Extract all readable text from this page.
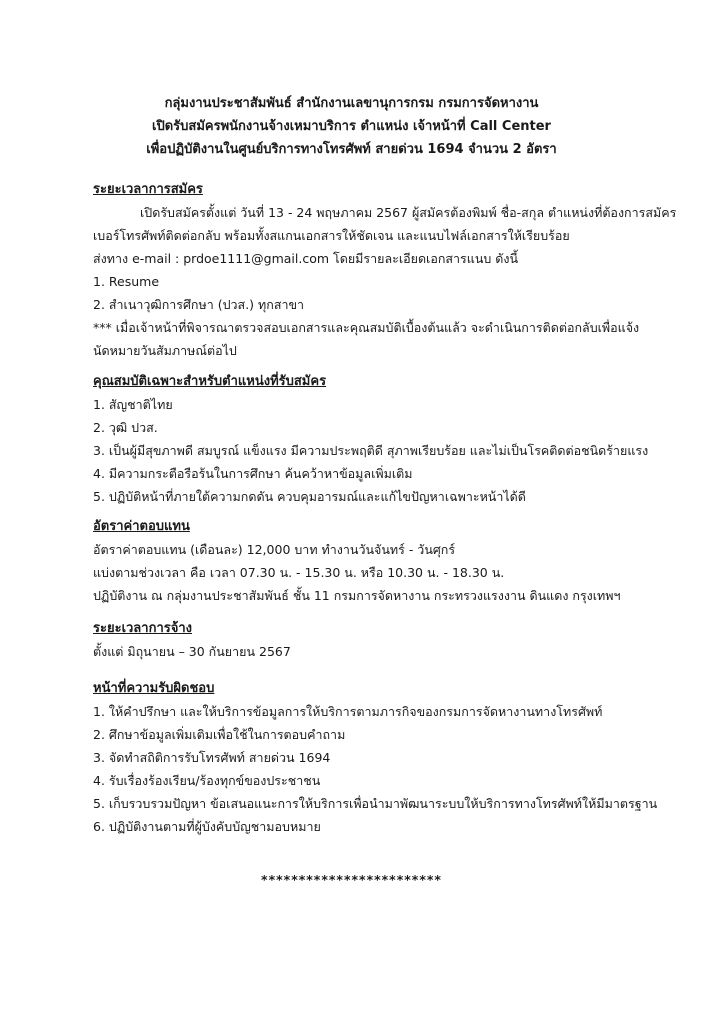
กลุ่มงานประชาสัมพันธ์ สำนักงานเลขานุการกรม กรมการจัดหางาน
เปิดรับสมัครพนักงานจ้างเหมาบริการ ตำแหน่ง เจ้าหน้าที่ Call Center
เพื่อปฏิบัติงานในศูนย์บริการทางโทรศัพท์ สายด่วน 1694 จำนวน 2 อัตรา
ระยะเวลาการสมัคร
เปิดรับสมัครตั้งแต่ วันที่ 13 - 24 พฤษภาคม 2567 ผู้สมัครต้องพิมพ์ ชื่อ-สกุล ตำแหน่งที่ต้องการสมัคร
เบอร์โทรศัพท์ติดต่อกลับ พร้อมทั้งสแกนเอกสารให้ชัดเจน และแนบไฟล์เอกสารให้เรียบร้อย
ส่งทาง e-mail : prdoe1111@gmail.com โดยมีรายละเอียดเอกสารแนบ ดังนี้
1. Resume
2. สำเนาวุฒิการศึกษา (ปวส.) ทุกสาขา
*** เมื่อเจ้าหน้าที่พิจารณาตรวจสอบเอกสารและคุณสมบัติเบื้องต้นแล้ว จะดำเนินการติดต่อกลับเพื่อแจ้ง
นัดหมายวันสัมภาษณ์ต่อไป
คุณสมบัติเฉพาะสำหรับตำแหน่งที่รับสมัคร
1. สัญชาติไทย
2. วุฒิ ปวส.
3. เป็นผู้มีสุขภาพดี สมบูรณ์ แข็งแรง มีความประพฤติดี สุภาพเรียบร้อย และไม่เป็นโรคติดต่อชนิดร้ายแรง
4. มีความกระตือรือร้นในการศึกษา ค้นคว้าหาข้อมูลเพิ่มเติม
5. ปฏิบัติหน้าที่ภายใต้ความกดดัน ควบคุมอารมณ์และแก้ไขปัญหาเฉพาะหน้าได้ดี
อัตราค่าตอบแทน
อัตราค่าตอบแทน (เดือนละ) 12,000 บาท ทำงานวันจันทร์ - วันศุกร์
แบ่งตามช่วงเวลา คือ เวลา 07.30 น. - 15.30 น. หรือ 10.30 น. - 18.30 น.
ปฏิบัติงาน ณ กลุ่มงานประชาสัมพันธ์ ชั้น 11 กรมการจัดหางาน กระทรวงแรงงาน ดินแดง กรุงเทพฯ
ระยะเวลาการจ้าง
ตั้งแต่ มิถุนายน – 30 กันยายน 2567
หน้าที่ความรับผิดชอบ
1. ให้คำปรึกษา และให้บริการข้อมูลการให้บริการตามภารกิจของกรมการจัดหางานทางโทรศัพท์
2. ศึกษาข้อมูลเพิ่มเติมเพื่อใช้ในการตอบคำถาม
3. จัดทำสถิติการรับโทรศัพท์ สายด่วน 1694
4. รับเรื่องร้องเรียน/ร้องทุกข์ของประชาชน
5. เก็บรวบรวมปัญหา ข้อเสนอแนะการให้บริการเพื่อนำมาพัฒนาระบบให้บริการทางโทรศัพท์ให้มีมาตรฐาน
6. ปฏิบัติงานตามที่ผู้บังคับบัญชามอบหมาย
************************
